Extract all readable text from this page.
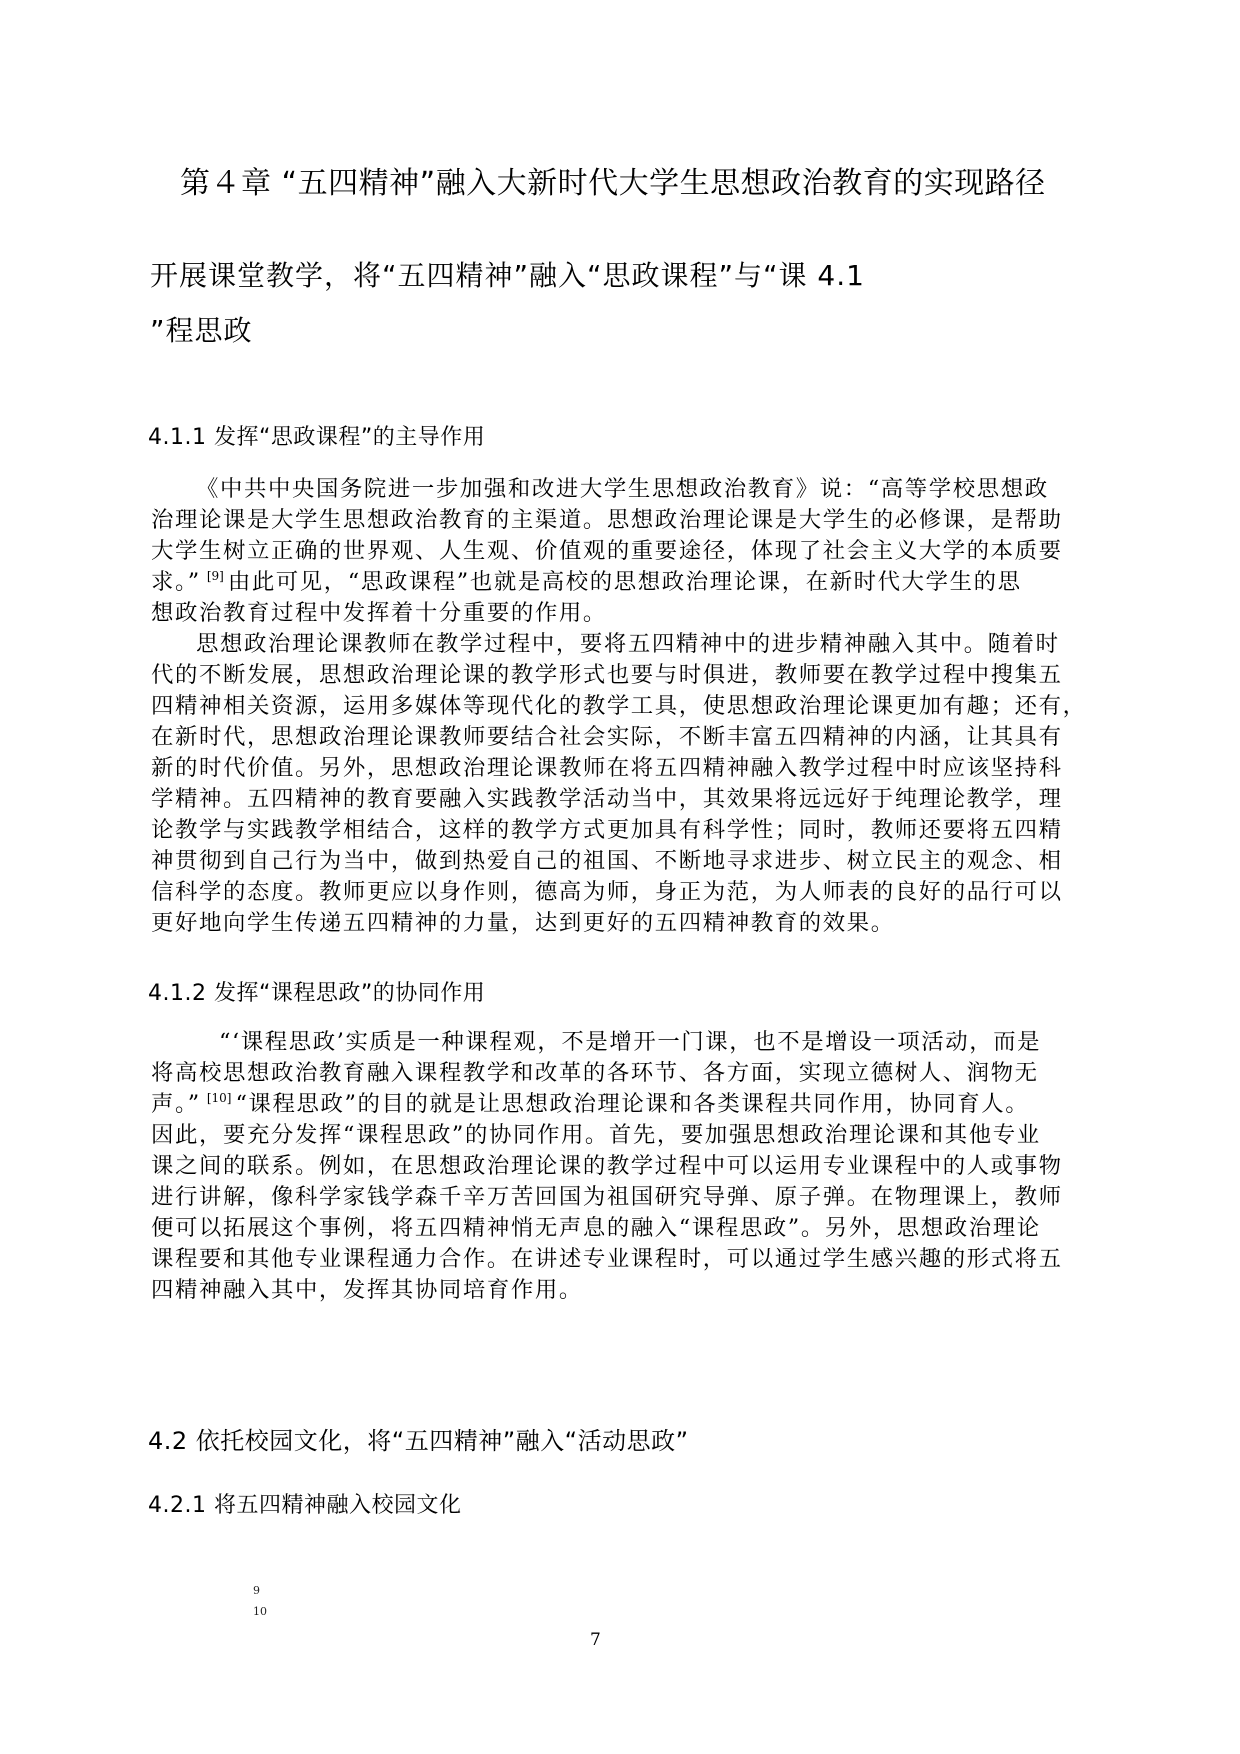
第４章 “五四精神”融入大新时代大学生思想政治教育的实现路径
开展课堂教学，将“五四精神”融入“思政课程”与“课 4.1
”程思政
4.1.1 发挥“思政课程”的主导作用
《中共中央国务院进一步加强和改进大学生思想政治教育》说：“高等学校思想政
治理论课是大学生思想政治教育的主渠道。思想政治理论课是大学生的必修课，是帮助
大学生树立正确的世界观、人生观、价值观的重要途径，体现了社会主义大学的本质要
求。” [9] 由此可见，“思政课程”也就是高校的思想政治理论课，在新时代大学生的思
想政治教育过程中发挥着十分重要的作用。
思想政治理论课教师在教学过程中，要将五四精神中的进步精神融入其中。随着时
代的不断发展，思想政治理论课的教学形式也要与时俱进，教师要在教学过程中搜集五
四精神相关资源，运用多媒体等现代化的教学工具，使思想政治理论课更加有趣；还有，
在新时代，思想政治理论课教师要结合社会实际，不断丰富五四精神的内涵，让其具有
新的时代价值。另外，思想政治理论课教师在将五四精神融入教学过程中时应该坚持科
学精神。五四精神的教育要融入实践教学活动当中，其效果将远远好于纯理论教学，理
论教学与实践教学相结合，这样的教学方式更加具有科学性；同时，教师还要将五四精
神贯彻到自己行为当中，做到热爱自己的祖国、不断地寻求进步、树立民主的观念、相
信科学的态度。教师更应以身作则，德高为师，身正为范，为人师表的良好的品行可以
更好地向学生传递五四精神的力量，达到更好的五四精神教育的效果。
4.1.2 发挥“课程思政”的协同作用
“‘课程思政’实质是一种课程观，不是增开一门课，也不是增设一项活动，而是
将高校思想政治教育融入课程教学和改革的各环节、各方面，实现立德树人、润物无
声。” [10] “课程思政”的目的就是让思想政治理论课和各类课程共同作用，协同育人。
因此，要充分发挥“课程思政”的协同作用。首先，要加强思想政治理论课和其他专业
课之间的联系。例如，在思想政治理论课的教学过程中可以运用专业课程中的人或事物
进行讲解，像科学家钱学森千辛万苦回国为祖国研究导弹、原子弹。在物理课上，教师
便可以拓展这个事例，将五四精神悄无声息的融入“课程思政”。另外，思想政治理论
课程要和其他专业课程通力合作。在讲述专业课程时，可以通过学生感兴趣的形式将五
四精神融入其中，发挥其协同培育作用。
4.2 依托校园文化，将“五四精神”融入“活动思政”
4.2.1 将五四精神融入校园文化
9
10
7
